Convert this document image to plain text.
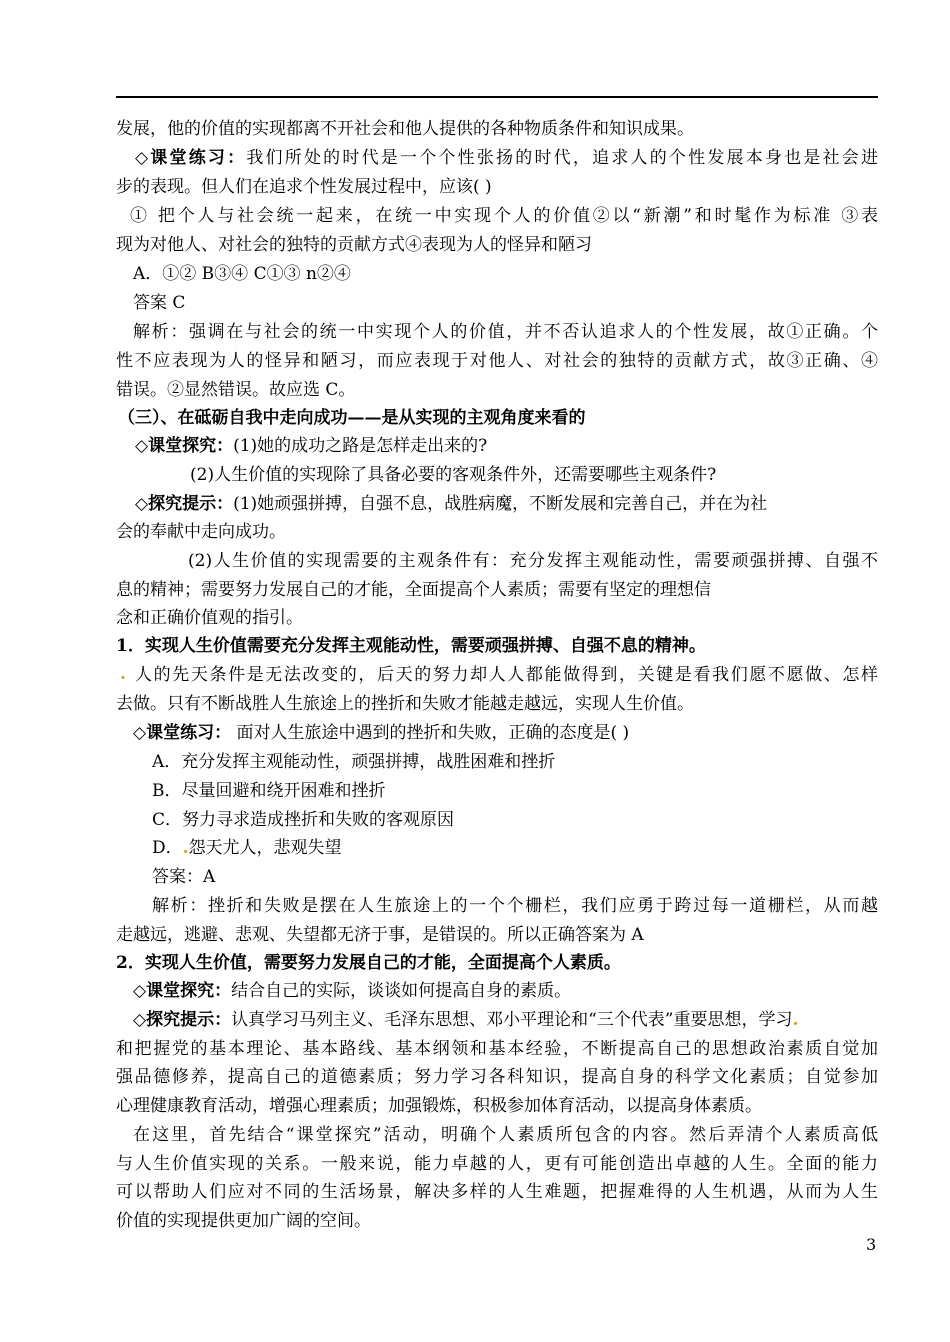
发展，他的价值的实现都离不开社会和他人提供的各种物质条件和知识成果。
◇课堂练习：我们所处的时代是一个个性张扬的时代，追求人的个性发展本身也是社会进
步的表现。但人们在追求个性发展过程中，应该( )
① 把个人与社会统一起来，在统一中实现个人的价值②以“新潮”和时髦作为标准 ③表
现为对他人、对社会的独特的贡献方式④表现为人的怪异和陋习
A．①② B③④ C①③ n②④
答案 C
解析：强调在与社会的统一中实现个人的价值，并不否认追求人的个性发展，故①正确。个
性不应表现为人的怪异和陋习，而应表现于对他人、对社会的独特的贡献方式，故③正确、④
错误。②显然错误。故应选 C。
（三）、在砥砺自我中走向成功——是从实现的主观角度来看的
◇课堂探究：(1)她的成功之路是怎样走出来的?
(2)人生价值的实现除了具备必要的客观条件外，还需要哪些主观条件?
◇探究提示：(1)她顽强拼搏，自强不息，战胜病魔，不断发展和完善自己，并在为社
会的奉献中走向成功。
(2)人生价值的实现需要的主观条件有：充分发挥主观能动性，需要顽强拼搏、自强不
息的精神；需要努力发展自己的才能，全面提高个人素质；需要有坚定的理想信
念和正确价值观的指引。
1．实现人生价值需要充分发挥主观能动性，需要顽强拼搏、自强不息的精神。
. 人的先天条件是无法改变的，后天的努力却人人都能做得到，关键是看我们愿不愿做、怎样
去做。只有不断战胜人生旅途上的挫折和失败才能越走越远，实现人生价值。
◇课堂练习： 面对人生旅途中遇到的挫折和失败，正确的态度是( )
A．充分发挥主观能动性，顽强拼搏，战胜困难和挫折
B．尽量回避和绕开困难和挫折
C．努力寻求造成挫折和失败的客观原因
D．.怨天尤人，悲观失望
答案：A
解析：挫折和失败是摆在人生旅途上的一个个栅栏，我们应勇于跨过每一道栅栏，从而越
走越远，逃避、悲观、失望都无济于事，是错误的。所以正确答案为 A
2．实现人生价值，需要努力发展自己的才能，全面提高个人素质。
◇课堂探究：结合自己的实际，谈谈如何提高自身的素质。
◇探究提示：认真学习马列主义、毛泽东思想、邓小平理论和“三个代表”重要思想，学习.
和把握党的基本理论、基本路线、基本纲领和基本经验，不断提高自己的思想政治素质自觉加
强品德修养，提高自己的道德素质；努力学习各科知识，提高自身的科学文化素质；自觉参加
心理健康教育活动，增强心理素质；加强锻炼，积极参加体育活动，以提高身体素质。
在这里，首先结合“课堂探究”活动，明确个人素质所包含的内容。然后弄清个人素质高低
与人生价值实现的关系。一般来说，能力卓越的人，更有可能创造出卓越的人生。全面的能力
可以帮助人们应对不同的生活场景，解决多样的人生难题，把握难得的人生机遇，从而为人生
价值的实现提供更加广阔的空间。
3
